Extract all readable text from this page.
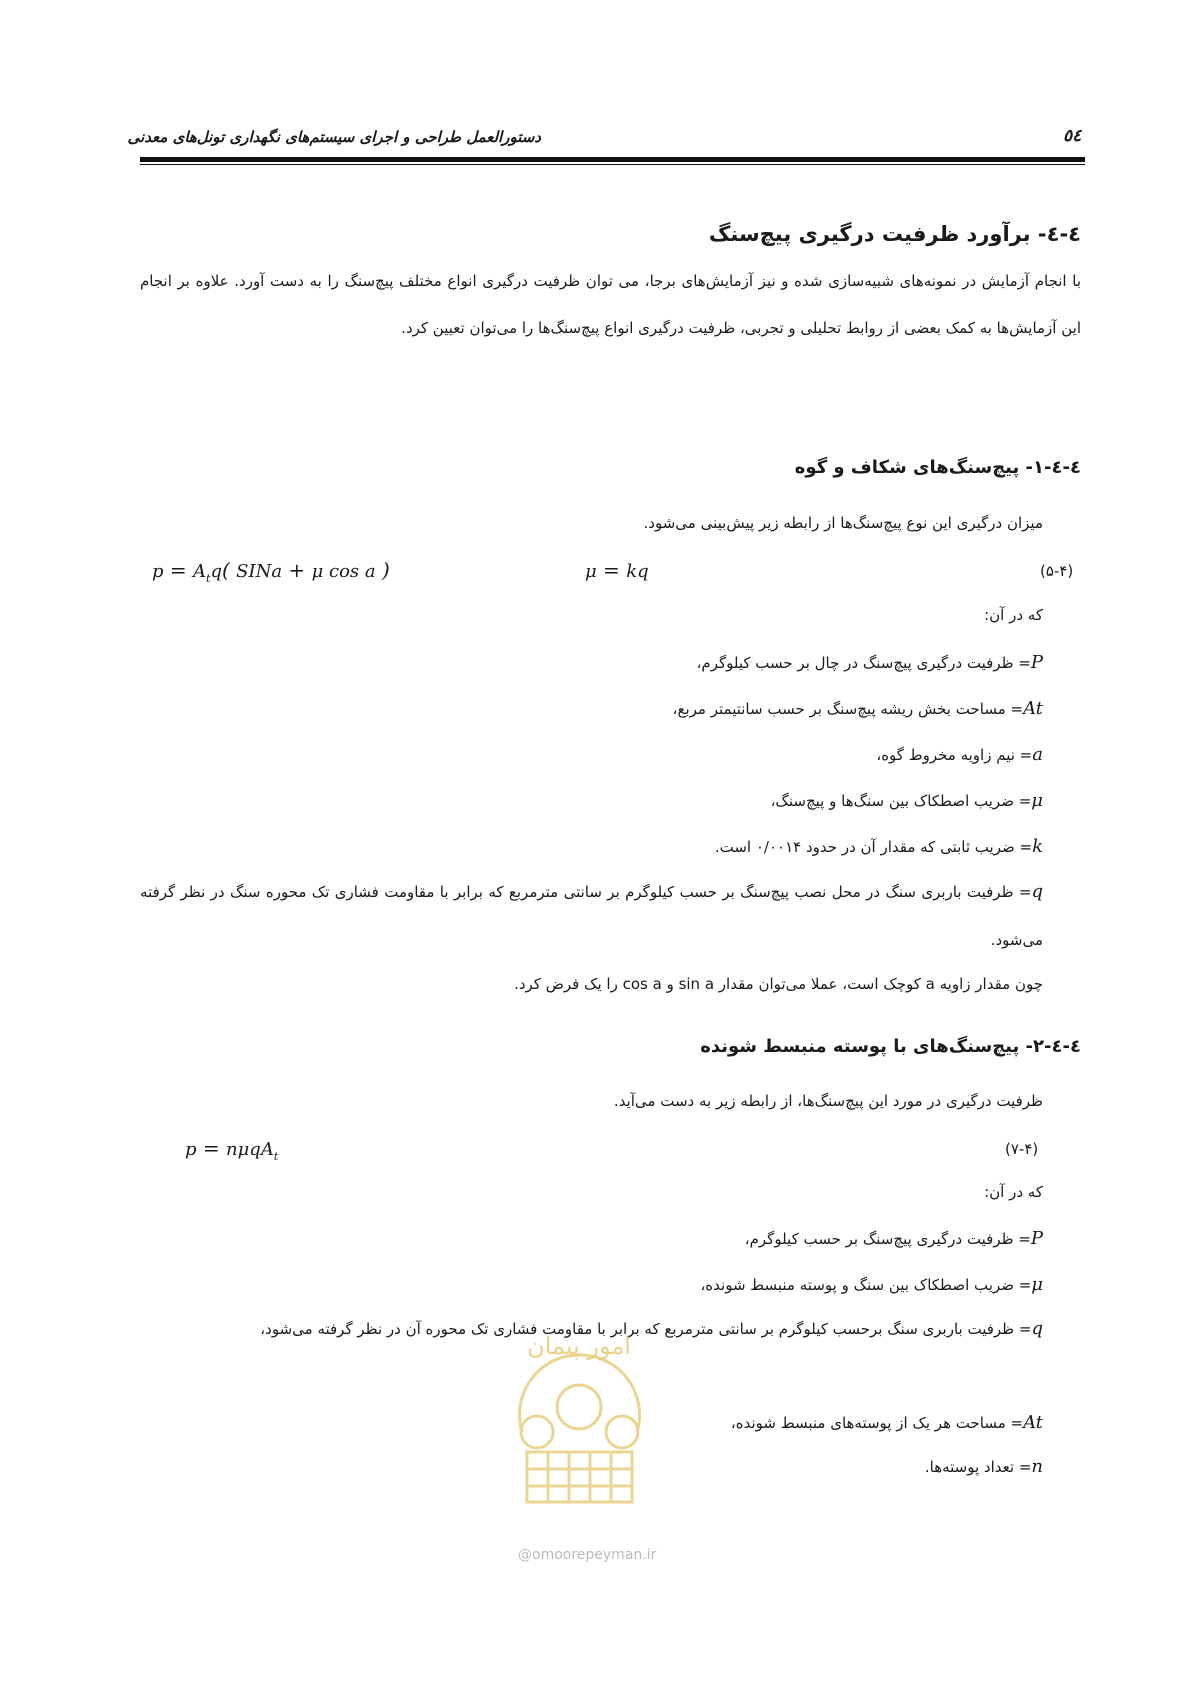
دستورالعمل طراحی و اجرای سیستم‌های نگهداری تونل‌های معدنی	٥٤
٤-٤- برآورد ظرفیت درگیری پیچ‌سنگ
با انجام آزمایش در نمونه‌های شبیه‌سازی شده و نیز آزمایش‌های برجا، می توان ظرفیت درگیری انواع مختلف پیچ‌سنگ را به دست آورد. علاوه بر انجام این آزمایش‌ها به کمک بعضی از روابط تحلیلی و تجربی، ظرفیت درگیری انواع پیچ‌سنگ‌ها را می‌توان تعیین کرد.
٤-٤-١- پیچ‌سنگ‌های شکاف و گوه
میزان درگیری این نوع پیچ‌سنگ‌ها از رابطه زیر پیش‌بینی می‌شود.
$p = A_tq$( SINa + μ cos a )	μ = kq	(۵-۴)
که در آن:
P= ظرفیت درگیری پیچ‌سنگ در چال بر حسب کیلوگرم،
At= مساحت بخش ریشه پیچ‌سنگ بر حسب سانتیمتر مربع،
a= نیم زاویه مخروط گوه،
μ= ضریب اصطکاک بین سنگ‌ها و پیچ‌سنگ،
k= ضریب ثابتی که مقدار آن در حدود ۰/۰۰۱۴ است.
q= ظرفیت باربری سنگ در محل نصب پیچ‌سنگ بر حسب کیلوگرم بر سانتی مترمربع که برابر با مقاومت فشاری تک محوره سنگ در نظر گرفته می‌شود.
چون مقدار زاویه a کوچک است، عملا می‌توان مقدار sin a و cos a را یک فرض کرد.
٤-٤-٢- پیچ‌سنگ‌های با پوسته منبسط شونده
ظرفیت درگیری در مورد این پیچ‌سنگ‌ها، از رابطه زیر به دست می‌آید.
p = nμqA$_t$	(۷-۴)
که در آن:
P= ظرفیت درگیری پیچ‌سنگ بر حسب کیلوگرم،
μ= ضریب اصطکاک بین سنگ و پوسته منبسط شونده،
q= ظرفیت باربری سنگ برحسب کیلوگرم بر سانتی مترمربع که برابر با مقاومت فشاری تک محوره آن در نظر گرفته می‌شود،
At= مساحت هر یک از پوسته‌های منبسط شونده،
n= تعداد پوسته‌ها.
امور پیمان
@omoorepeyman.ir
